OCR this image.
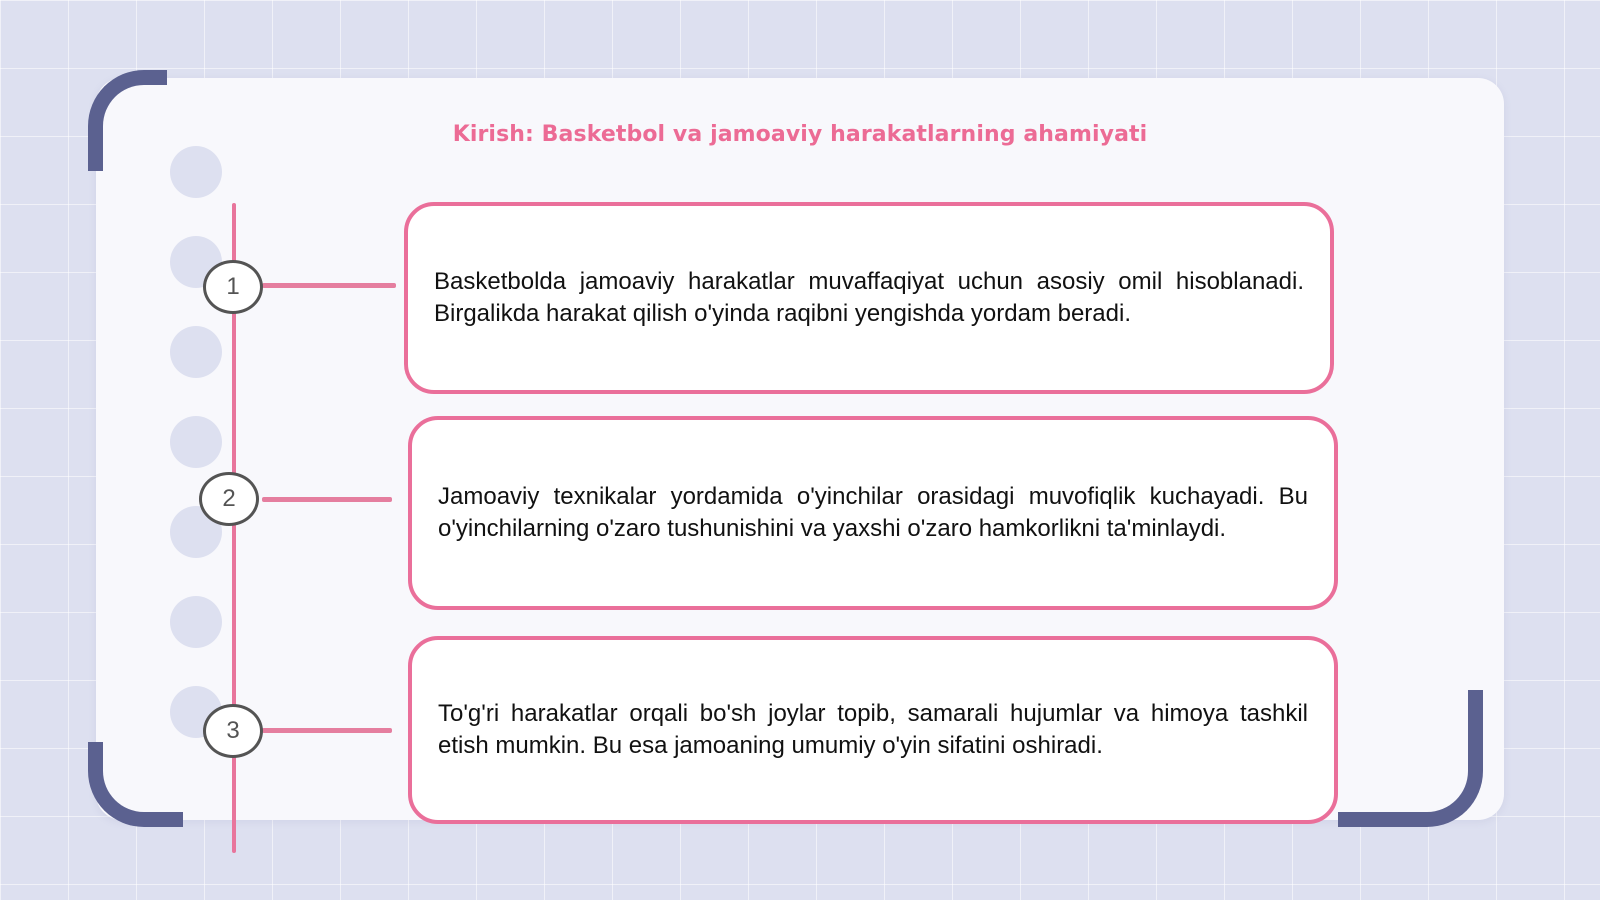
Kirish: Basketbol va jamoaviy harakatlarning ahamiyati
1	Basketbolda jamoaviy harakatlar muvaffaqiyat uchun asosiy omil hisoblanadi. Birgalikda harakat qilish o'yinda raqibni yengishda yordam beradi.
2	Jamoaviy texnikalar yordamida o'yinchilar orasidagi muvofiqlik kuchayadi. Bu o'yinchilarning o'zaro tushunishini va yaxshi o'zaro hamkorlikni ta'minlaydi.
3
To'g'ri harakatlar orqali bo'sh joylar topib, samarali hujumlar va himoya tashkil etish mumkin. Bu esa jamoaning umumiy o'yin sifatini oshiradi.
